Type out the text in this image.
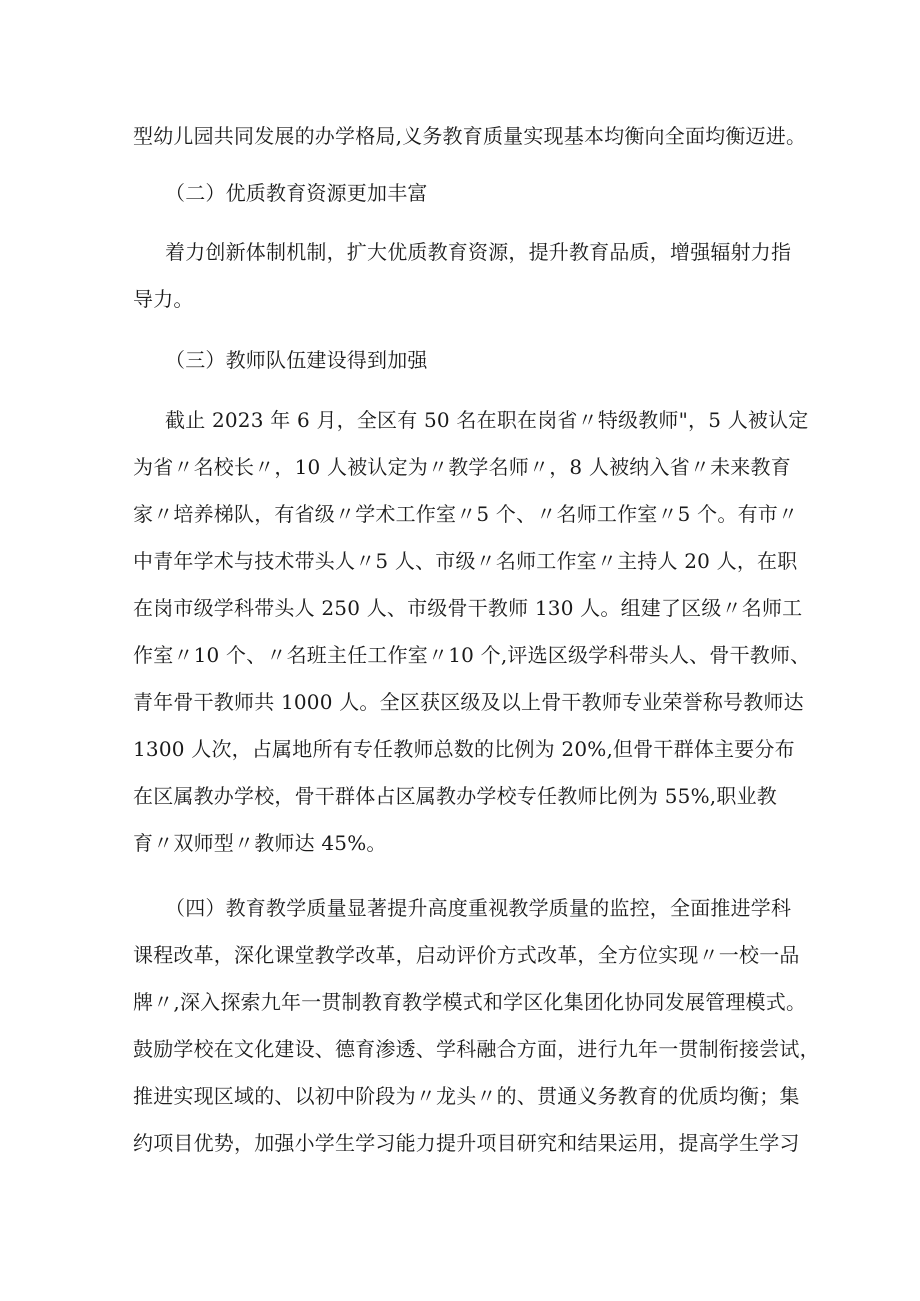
型幼儿园共同发展的办学格局,义务教育质量实现基本均衡向全面均衡迈进。
（二）优质教育资源更加丰富
着力创新体制机制，扩大优质教育资源，提升教育品质，增强辐射力指
导力。
（三）教师队伍建设得到加强
截止 2023 年 6 月，全区有 50 名在职在岗省〃特级教师"，5 人被认定
为省〃名校长〃，10 人被认定为〃教学名师〃，8 人被纳入省〃未来教育
家〃培养梯队，有省级〃学术工作室〃5 个、〃名师工作室〃5 个。有市〃
中青年学术与技术带头人〃5 人、市级〃名师工作室〃主持人 20 人，在职
在岗市级学科带头人 250 人、市级骨干教师 130 人。组建了区级〃名师工
作室〃10 个、〃名班主任工作室〃10 个,评选区级学科带头人、骨干教师、
青年骨干教师共 1000 人。全区获区级及以上骨干教师专业荣誉称号教师达
1300 人次，占属地所有专任教师总数的比例为 20%,但骨干群体主要分布
在区属教办学校，骨干群体占区属教办学校专任教师比例为 55%,职业教
育〃双师型〃教师达 45%。
（四）教育教学质量显著提升高度重视教学质量的监控，全面推进学科
课程改革，深化课堂教学改革，启动评价方式改革，全方位实现〃一校一品
牌〃,深入探索九年一贯制教育教学模式和学区化集团化协同发展管理模式。
鼓励学校在文化建设、德育渗透、学科融合方面，进行九年一贯制衔接尝试，
推进实现区域的、以初中阶段为〃龙头〃的、贯通义务教育的优质均衡；集
约项目优势，加强小学生学习能力提升项目研究和结果运用，提高学生学习
